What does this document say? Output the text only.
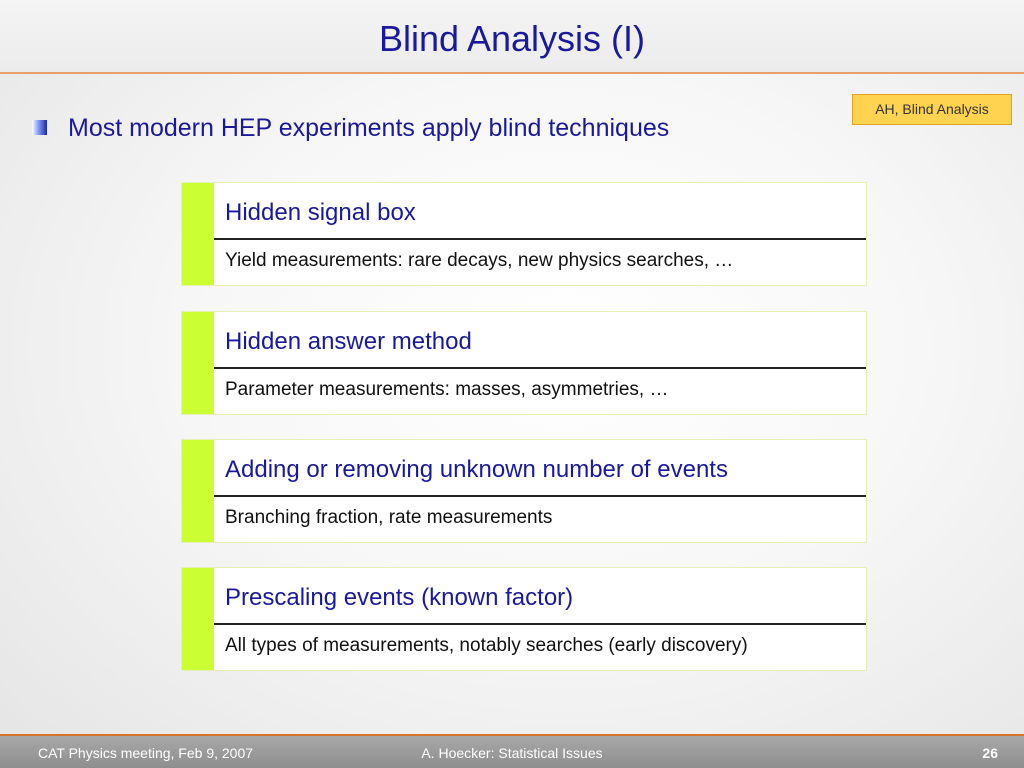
Blind Analysis (I)
AH, Blind Analysis
Most modern HEP experiments apply blind techniques
Hidden signal box
Yield measurements: rare decays, new physics searches, …
Hidden answer method
Parameter measurements: masses, asymmetries, …
Adding or removing unknown number of events
Branching fraction, rate measurements
Prescaling events (known factor)
All types of measurements, notably searches (early discovery)
CAT Physics meeting, Feb 9, 2007	A. Hoecker: Statistical Issues	26
